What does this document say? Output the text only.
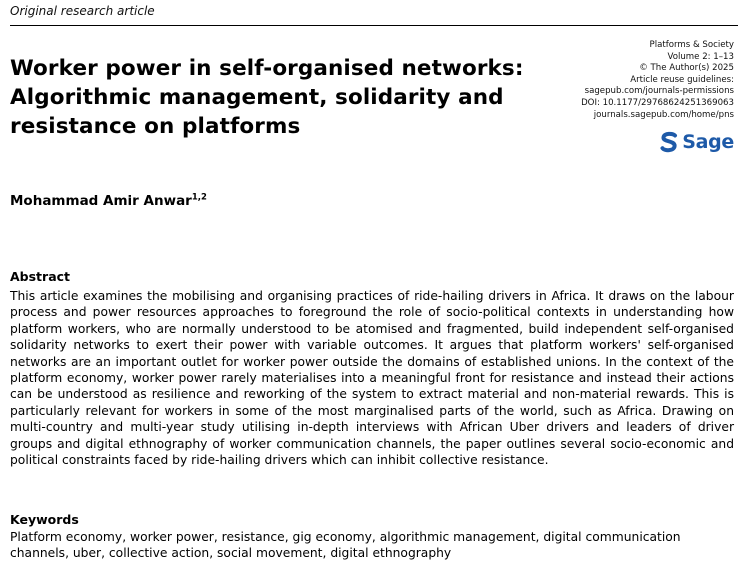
Original research article
Worker power in self-organised networks: Algorithmic management, solidarity and resistance on platforms
Platforms & Society
Volume 2: 1–13
© The Author(s) 2025
Article reuse guidelines:
sagepub.com/journals-permissions
DOI: 10.1177/29768624251369063
journals.sagepub.com/home/pns
Sage
Mohammad Amir Anwar$^{1,2}$
Abstract

This article examines the mobilising and organising practices of ride-hailing drivers in Africa. It draws on the labour process and power resources approaches to foreground the role of socio-political contexts in understanding how platform workers, who are normally understood to be atomised and fragmented, build independent self-organised solidarity networks to exert their power with variable outcomes. It argues that platform workers' self-organised networks are an important outlet for worker power outside the domains of established unions. In the context of the platform economy, worker power rarely materialises into a meaningful front for resistance and instead their actions can be understood as resilience and reworking of the system to extract material and non-material rewards. This is particularly relevant for workers in some of the most marginalised parts of the world, such as Africa. Drawing on multi-country and multi-year study utilising in-depth interviews with African Uber drivers and leaders of driver groups and digital ethnography of worker communication channels, the paper outlines several socio-economic and political constraints faced by ride-hailing drivers which can inhibit collective resistance.

Keywords

Platform economy, worker power, resistance, gig economy, algorithmic management, digital communication channels, uber, collective action, social movement, digital ethnography
